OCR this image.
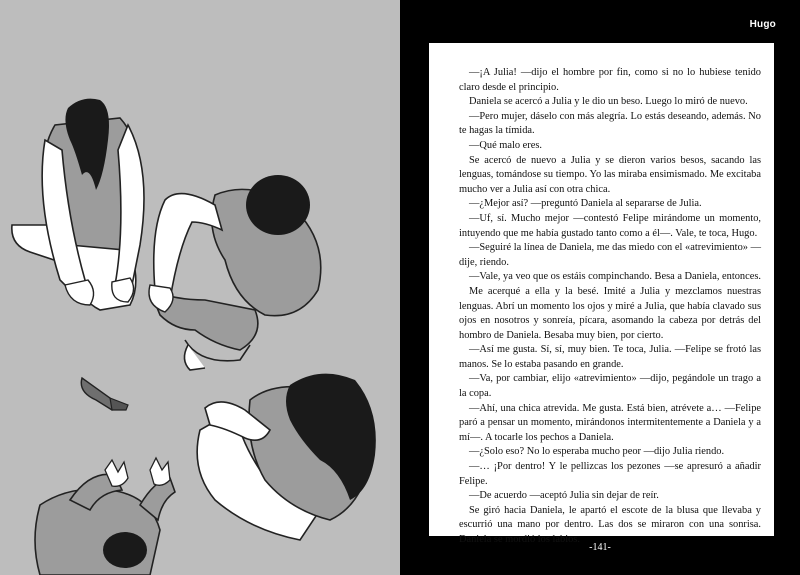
Hugo

—¡A Julia! —dijo el hombre por fin, como si no lo hubiese tenido claro desde el principio.

Daniela se acercó a Julia y le dio un beso. Luego lo miró de nuevo.

—Pero mujer, dáselo con más alegría. Lo estás deseando, además. No te hagas la tímida.

—Qué malo eres.

Se acercó de nuevo a Julia y se dieron varios besos, sacando las lenguas, tomándose su tiempo. Yo las miraba ensimismado. Me excitaba mucho ver a Julia así con otra chica.

—¿Mejor así? —preguntó Daniela al separarse de Julia.

—Uf, sí. Mucho mejor —contestó Felipe mirándome un momento, intuyendo que me había gustado tanto como a él—. Vale, te toca, Hugo.

—Seguiré la línea de Daniela, me das miedo con el «atrevimiento» —dije, riendo.

—Vale, ya veo que os estáis compinchando. Besa a Daniela, entonces.

Me acerqué a ella y la besé. Imité a Julia y mezclamos nuestras lenguas. Abrí un momento los ojos y miré a Julia, que había clavado sus ojos en nosotros y sonreía, pícara, asomando la cabeza por detrás del hombro de Daniela. Besaba muy bien, por cierto.

—Así me gusta. Sí, sí, muy bien. Te toca, Julia. —Felipe se frotó las manos. Se lo estaba pasando en grande.

—Va, por cambiar, elijo «atrevimiento» —dijo, pegándole un trago a la copa.

—Ahí, una chica atrevida. Me gusta. Está bien, atrévete a… —Felipe paró a pensar un momento, mirándonos intermitentemente a Daniela y a mí—. A tocarle los pechos a Daniela.

—¿Solo eso? No lo esperaba mucho peor —dijo Julia riendo.

—… ¡Por dentro! Y le pellizcas los pezones —se apresuró a añadir Felipe.

—De acuerdo —aceptó Julia sin dejar de reír.

Se giró hacia Daniela, le apartó el escote de la blusa que llevaba y escurrió una mano por dentro. Las dos se miraron con una sonrisa. Daniela se mordió los labios.

-141-
